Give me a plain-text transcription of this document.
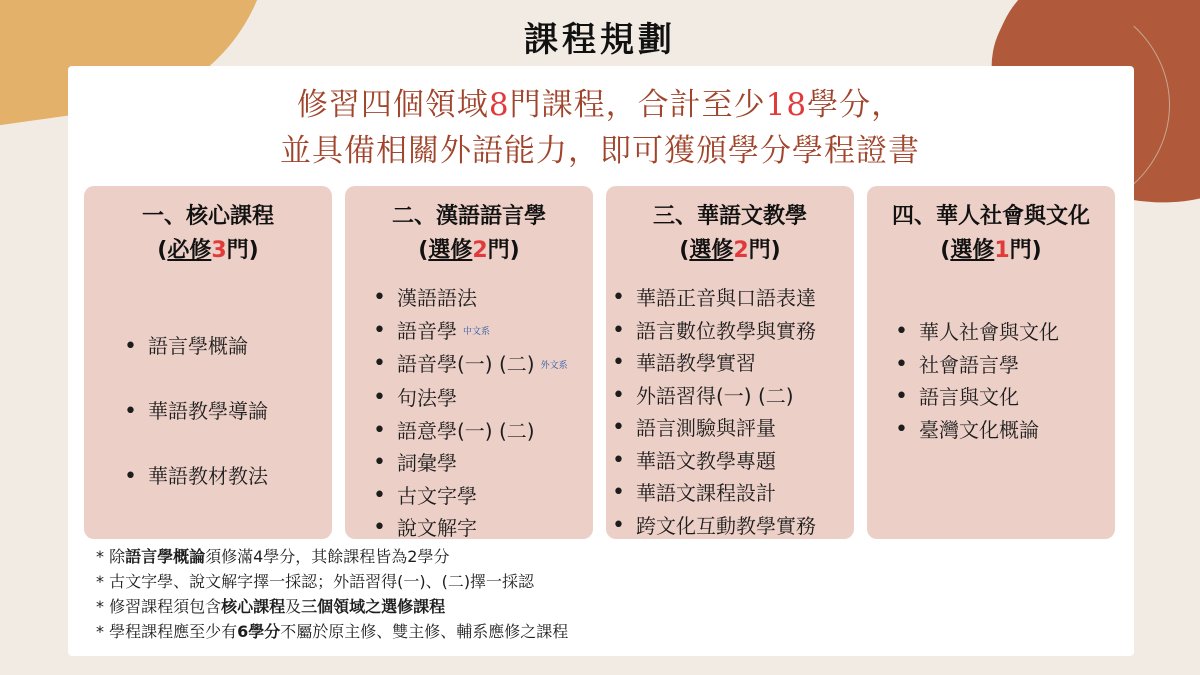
課程規劃
修習四個領域8門課程，合計至少18學分，
並具備相關外語能力，即可獲頒學分學程證書
一、核心課程
(必修3門)
• 語言學概論
• 華語教學導論
• 華語教材教法
二、漢語語言學
(選修2門)
• 漢語語法
• 語音學 中文系
• 語音學(一) (二) 外文系
• 句法學
• 語意學(一) (二)
• 詞彙學
• 古文字學
• 說文解字
三、華語文教學
(選修2門)
• 華語正音與口語表達
• 語言數位教學與實務
• 華語教學實習
• 外語習得(一) (二)
• 語言測驗與評量
• 華語文教學專題
• 華語文課程設計
• 跨文化互動教學實務
四、華人社會與文化
(選修1門)
• 華人社會與文化
• 社會語言學
• 語言與文化
• 臺灣文化概論
* 除語言學概論須修滿4學分，其餘課程皆為2學分
* 古文字學、說文解字擇一採認；外語習得(一)、(二)擇一採認
* 修習課程須包含核心課程及三個領域之選修課程
* 學程課程應至少有6學分不屬於原主修、雙主修、輔系應修之課程
